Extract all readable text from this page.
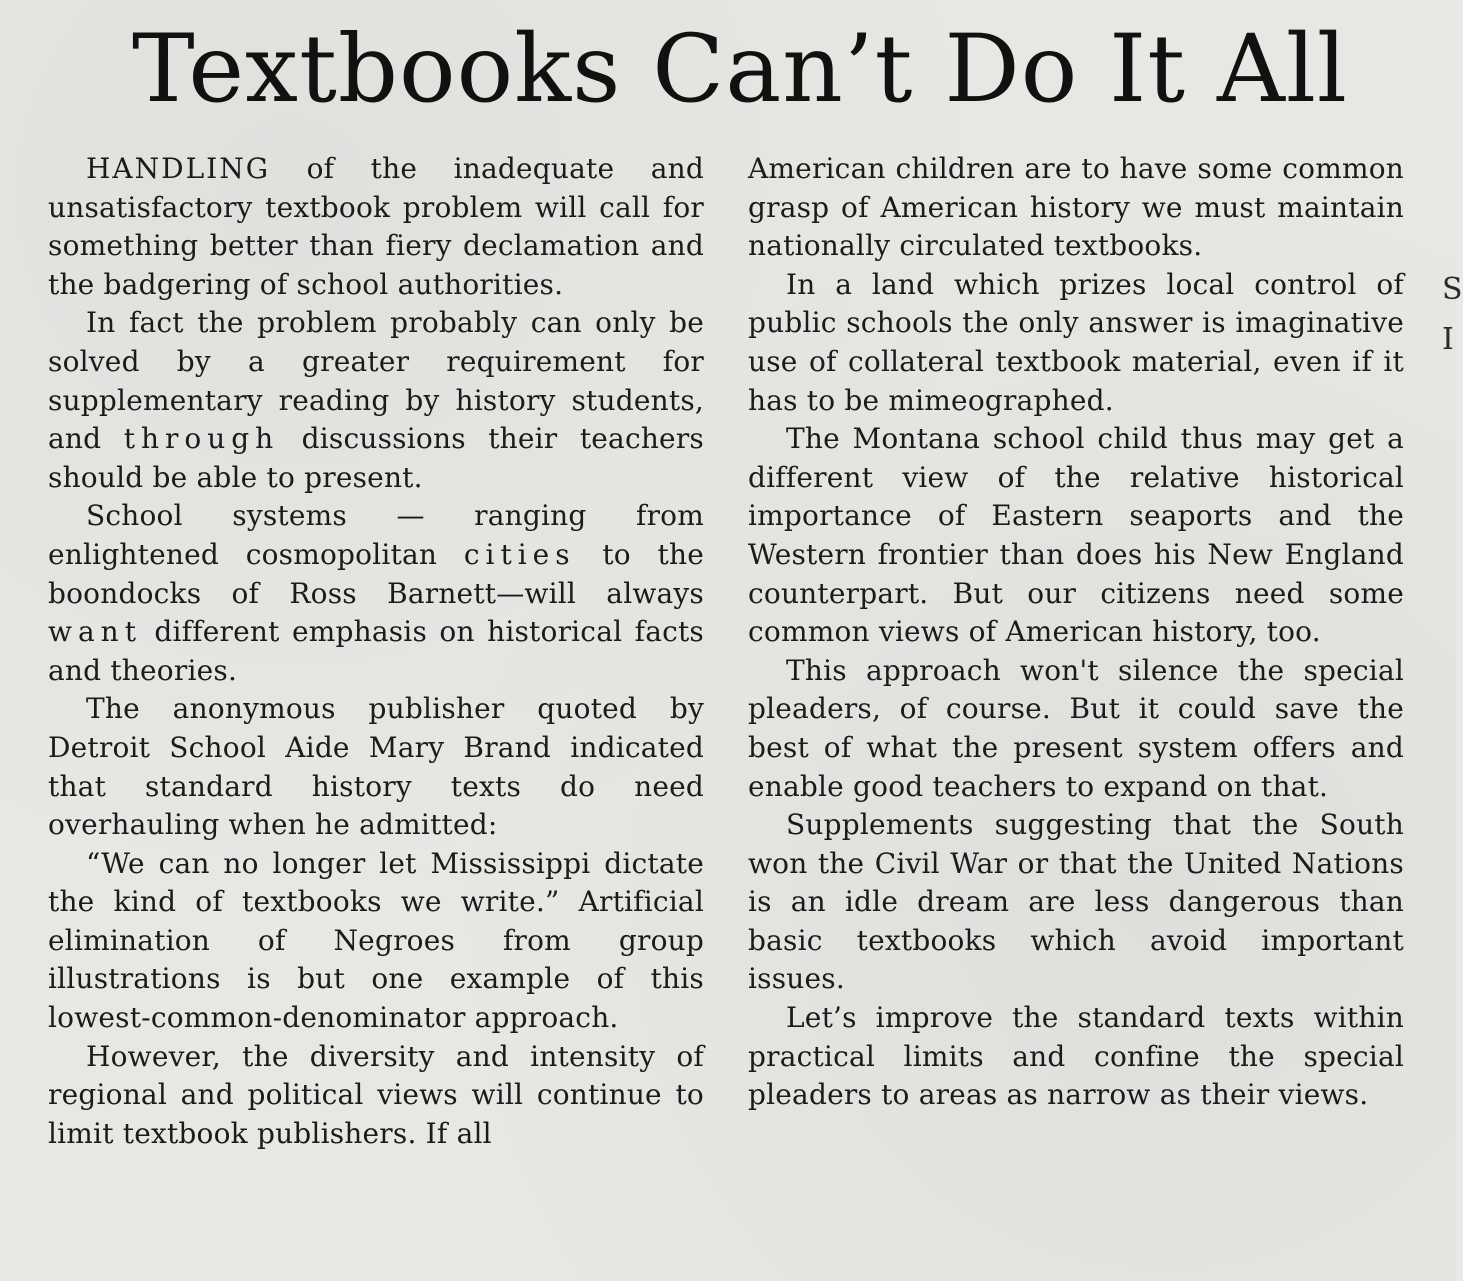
Textbooks Can’t Do It All

HANDLING of the inadequate and unsatisfactory textbook problem will call for something better than fiery declamation and the badgering of school authorities.

In fact the problem probably can only be solved by a greater requirement for supplementary reading by history students, and through discussions their teachers should be able to present.

School systems — ranging from enlightened cosmopolitan cities to the boondocks of Ross Barnett—will always want different emphasis on historical facts and theories.

The anonymous publisher quoted by Detroit School Aide Mary Brand indicated that standard history texts do need overhauling when he admitted:

“We can no longer let Mississippi dictate the kind of textbooks we write.” Artificial elimination of Negroes from group illustrations is but one example of this lowest-common-denominator approach.

However, the diversity and intensity of regional and political views will continue to limit textbook publishers. If all

American children are to have some common grasp of American history we must maintain nationally circulated textbooks.

In a land which prizes local control of public schools the only answer is imaginative use of collateral textbook material, even if it has to be mimeographed.

The Montana school child thus may get a different view of the relative historical importance of Eastern seaports and the Western frontier than does his New England counterpart. But our citizens need some common views of American history, too.

This approach won't silence the special pleaders, of course. But it could save the best of what the present system offers and enable good teachers to expand on that.

Supplements suggesting that the South won the Civil War or that the United Nations is an idle dream are less dangerous than basic textbooks which avoid important issues.

Let’s improve the standard texts within practical limits and confine the special pleaders to areas as narrow as their views.

S
I
